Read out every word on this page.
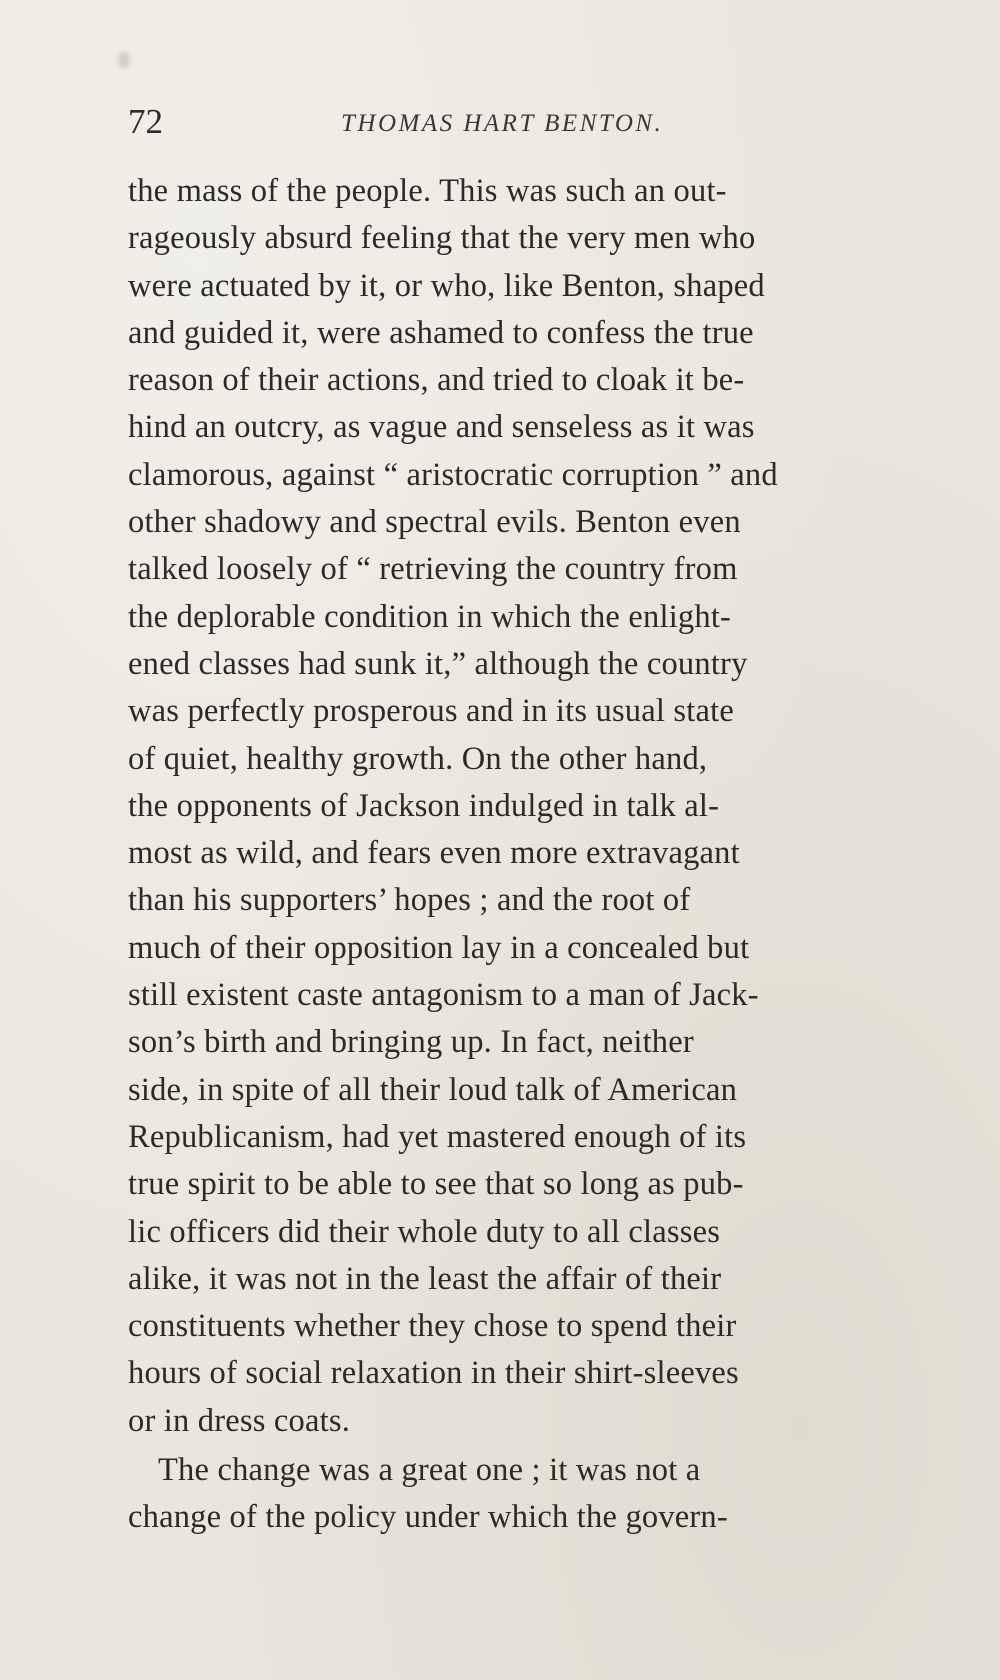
72	THOMAS HART BENTON.
the mass of the people. This was such an out-
rageously absurd feeling that the very men who
were actuated by it, or who, like Benton, shaped
and guided it, were ashamed to confess the true
reason of their actions, and tried to cloak it be-
hind an outcry, as vague and senseless as it was
clamorous, against “ aristocratic corruption ” and
other shadowy and spectral evils. Benton even
talked loosely of “ retrieving the country from
the deplorable condition in which the enlight-
ened classes had sunk it,” although the country
was perfectly prosperous and in its usual state
of quiet, healthy growth. On the other hand,
the opponents of Jackson indulged in talk al-
most as wild, and fears even more extravagant
than his supporters’ hopes ; and the root of
much of their opposition lay in a concealed but
still existent caste antagonism to a man of Jack-
son’s birth and bringing up. In fact, neither
side, in spite of all their loud talk of American
Republicanism, had yet mastered enough of its
true spirit to be able to see that so long as pub-
lic officers did their whole duty to all classes
alike, it was not in the least the affair of their
constituents whether they chose to spend their
hours of social relaxation in their shirt-sleeves
or in dress coats.
The change was a great one ; it was not a
change of the policy under which the govern-
